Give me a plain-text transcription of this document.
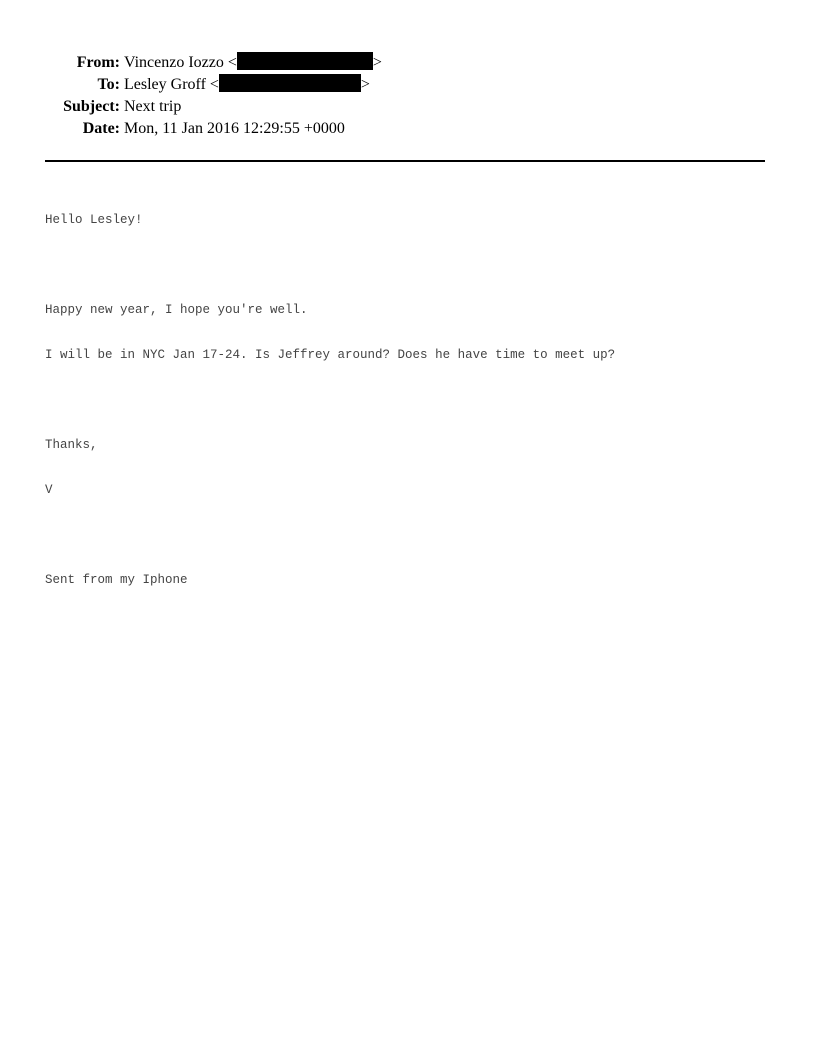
From: Vincenzo Iozzo <	>
To: Lesley Groff <	>
Subject: Next trip
Date: Mon, 11 Jan 2016 12:29:55 +0000

Hello Lesley!

Happy new year, I hope you're well.

I will be in NYC Jan 17-24. Is Jeffrey around? Does he have time to meet up?

Thanks,

V

Sent from my Iphone
